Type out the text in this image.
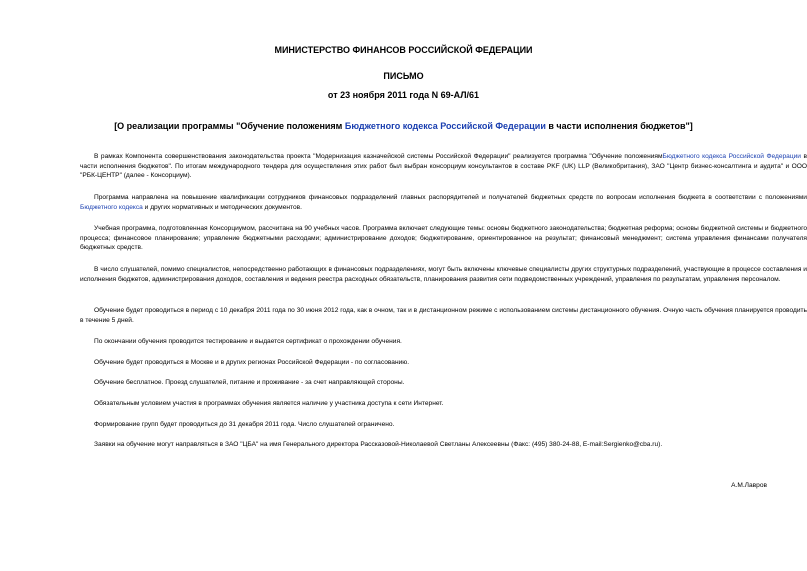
МИНИСТЕРСТВО ФИНАНСОВ РОССИЙСКОЙ ФЕДЕРАЦИИ
ПИСЬМО
от 23 ноября 2011 года N 69-АЛ/61
[О реализации программы "Обучение положениям Бюджетного кодекса Российской Федерации в части исполнения бюджетов"]

В рамках Компонента совершенствования законодательства проекта "Модернизация казначейской системы Российской Федерации" реализуется программа "Обучение положениямБюджетного кодекса Российской Федерации в части исполнения бюджетов". По итогам международного тендера для осуществления этих работ был выбран консорциум консультантов в составе PKF (UK) LLP (Великобритания), ЗАО "Центр бизнес-консалтинга и аудита" и ООО "РБК-ЦЕНТР" (далее - Консорциум).

Программа направлена на повышение квалификации сотрудников финансовых подразделений главных распорядителей и получателей бюджетных средств по вопросам исполнения бюджета в соответствии с положениями Бюджетного кодекса и других нормативных и методических документов.

Учебная программа, подготовленная Консорциумом, рассчитана на 90 учебных часов. Программа включает следующие темы: основы бюджетного законодательства; бюджетная реформа; основы бюджетной системы и бюджетного процесса; финансовое планирование; управление бюджетными расходами; администрирование доходов; бюджетирование, ориентированное на результат; финансовый менеджмент; система управления финансами получателя бюджетных средств.

В число слушателей, помимо специалистов, непосредственно работающих в финансовых подразделениях, могут быть включены ключевые специалисты других структурных подразделений, участвующие в процессе составления и исполнения бюджетов, администрирования доходов, составления и ведения реестра расходных обязательств, планирования развития сети подведомственных учреждений, управления по результатам, управления персоналом.

Обучение будет проводиться в период с 10 декабря 2011 года по 30 июня 2012 года, как в очном, так и в дистанционном режиме с использованием системы дистанционного обучения. Очную часть обучения планируется проводить в течение 5 дней.

По окончании обучения проводится тестирование и выдается сертификат о прохождении обучения.

Обучение будет проводиться в Москве и в других регионах Российской Федерации - по согласованию.

Обучение бесплатное. Проезд слушателей, питание и проживание - за счет направляющей стороны.

Обязательным условием участия в программах обучения является наличие у участника доступа к сети Интернет.

Формирование групп будет проводиться до 31 декабря 2011 года. Число слушателей ограничено.

Заявки на обучение могут направляться в ЗАО "ЦБА" на имя Генерального директора Рассказовой-Николаевой Светланы Алексеевны (Факс: (495) 380-24-88, E-mail:Sergienko@cba.ru).

А.М.Лавров
